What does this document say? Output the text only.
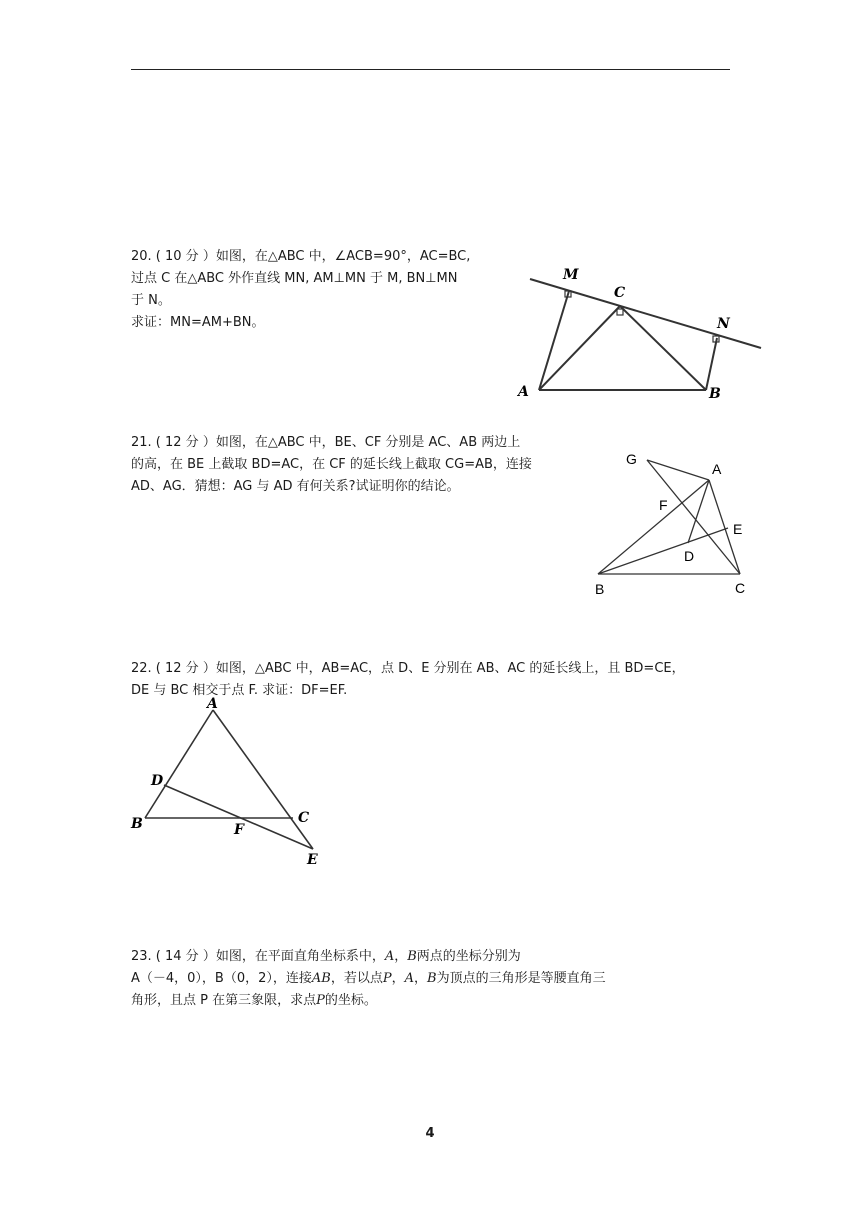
20. ( 10 分 ）如图，在△ABC 中，∠ACB=90°，AC=BC,

过点 C 在△ABC 外作直线 MN, AM⊥MN 于 M, BN⊥MN

于 N。

求证：MN=AM+BN。

M
C
N
A	B

21. ( 12 分 ）如图，在△ABC 中，BE、CF 分别是 AC、AB 两边上

的高，在 BE 上截取 BD=AC，在 CF 的延长线上截取 CG=AB，连接

AD、AG．猜想：AG 与 AD 有何关系?试证明你的结论。

G
A
F
E
D
B	C

22. ( 12 分 ）如图，△ABC 中，AB=AC，点 D、E 分别在 AB、AC 的延长线上，且 BD=CE，

DE 与 BC 相交于点 F. 求证：DF=EF.

A
D
B	F
C
E

23. ( 14 分 ）如图，在平面直角坐标系中，A，B两点的坐标分别为

A（－4，0），B（0，2），连接AB，若以点P，A，B为顶点的三角形是等腰直角三

角形，且点 P 在第三象限，求点P的坐标。

4
